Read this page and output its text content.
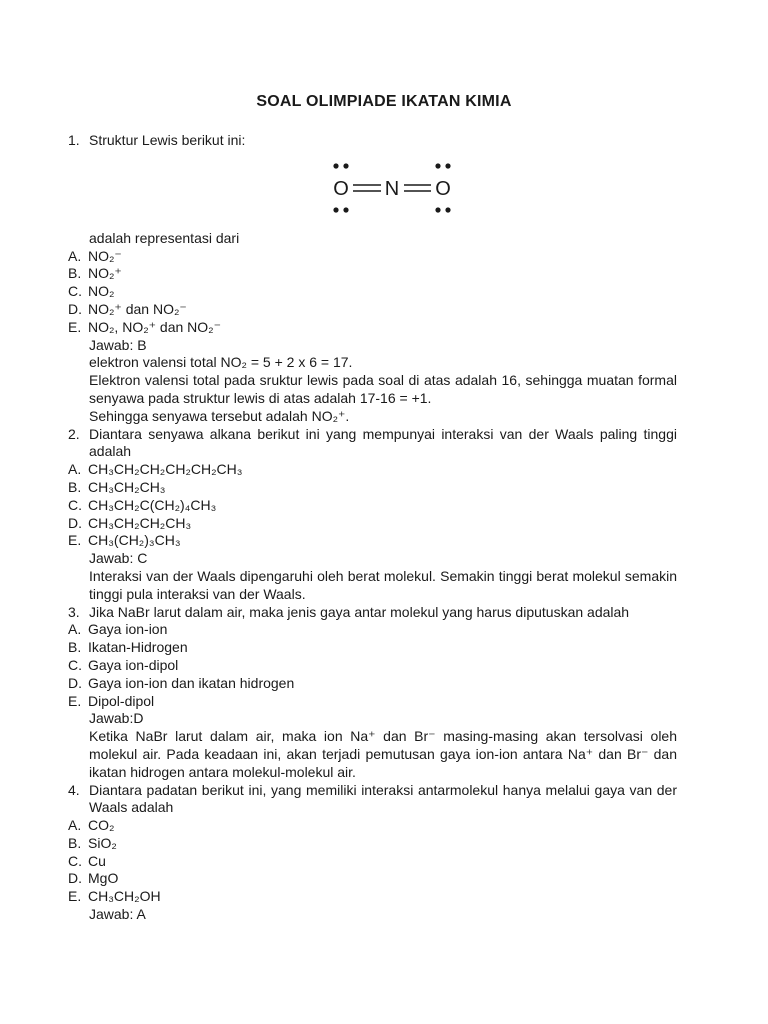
SOAL OLIMPIADE IKATAN KIMIA
1. Struktur Lewis berikut ini:
O N O
adalah representasi dari
A. NO₂⁻
B. NO₂⁺
C. NO₂
D. NO₂⁺ dan NO₂⁻
E. NO₂, NO₂⁺ dan NO₂⁻
Jawab: B
elektron valensi total NO₂ = 5 + 2 x 6 = 17.
Elektron valensi total pada sruktur lewis pada soal di atas adalah 16, sehingga muatan formal senyawa pada struktur lewis di atas adalah 17-16 = +1.
Sehingga senyawa tersebut adalah NO₂⁺.
2. Diantara senyawa alkana berikut ini yang mempunyai interaksi van der Waals paling tinggi adalah
A. CH₃CH₂CH₂CH₂CH₂CH₃
B. CH₃CH₂CH₃
C. CH₃CH₂C(CH₂)₄CH₃
D. CH₃CH₂CH₂CH₃
E. CH₃(CH₂)₃CH₃
Jawab: C
Interaksi van der Waals dipengaruhi oleh berat molekul. Semakin tinggi berat molekul semakin tinggi pula interaksi van der Waals.
3. Jika NaBr larut dalam air, maka jenis gaya antar molekul yang harus diputuskan adalah
A. Gaya ion-ion
B. Ikatan-Hidrogen
C. Gaya ion-dipol
D. Gaya ion-ion dan ikatan hidrogen
E. Dipol-dipol
Jawab:D
Ketika NaBr larut dalam air, maka ion Na⁺ dan Br⁻ masing-masing akan tersolvasi oleh molekul air. Pada keadaan ini, akan terjadi pemutusan gaya ion-ion antara Na⁺ dan Br⁻ dan ikatan hidrogen antara molekul-molekul air.
4. Diantara padatan berikut ini, yang memiliki interaksi antarmolekul hanya melalui gaya van der Waals adalah
A. CO₂
B. SiO₂
C. Cu
D. MgO
E. CH₃CH₂OH
Jawab: A
